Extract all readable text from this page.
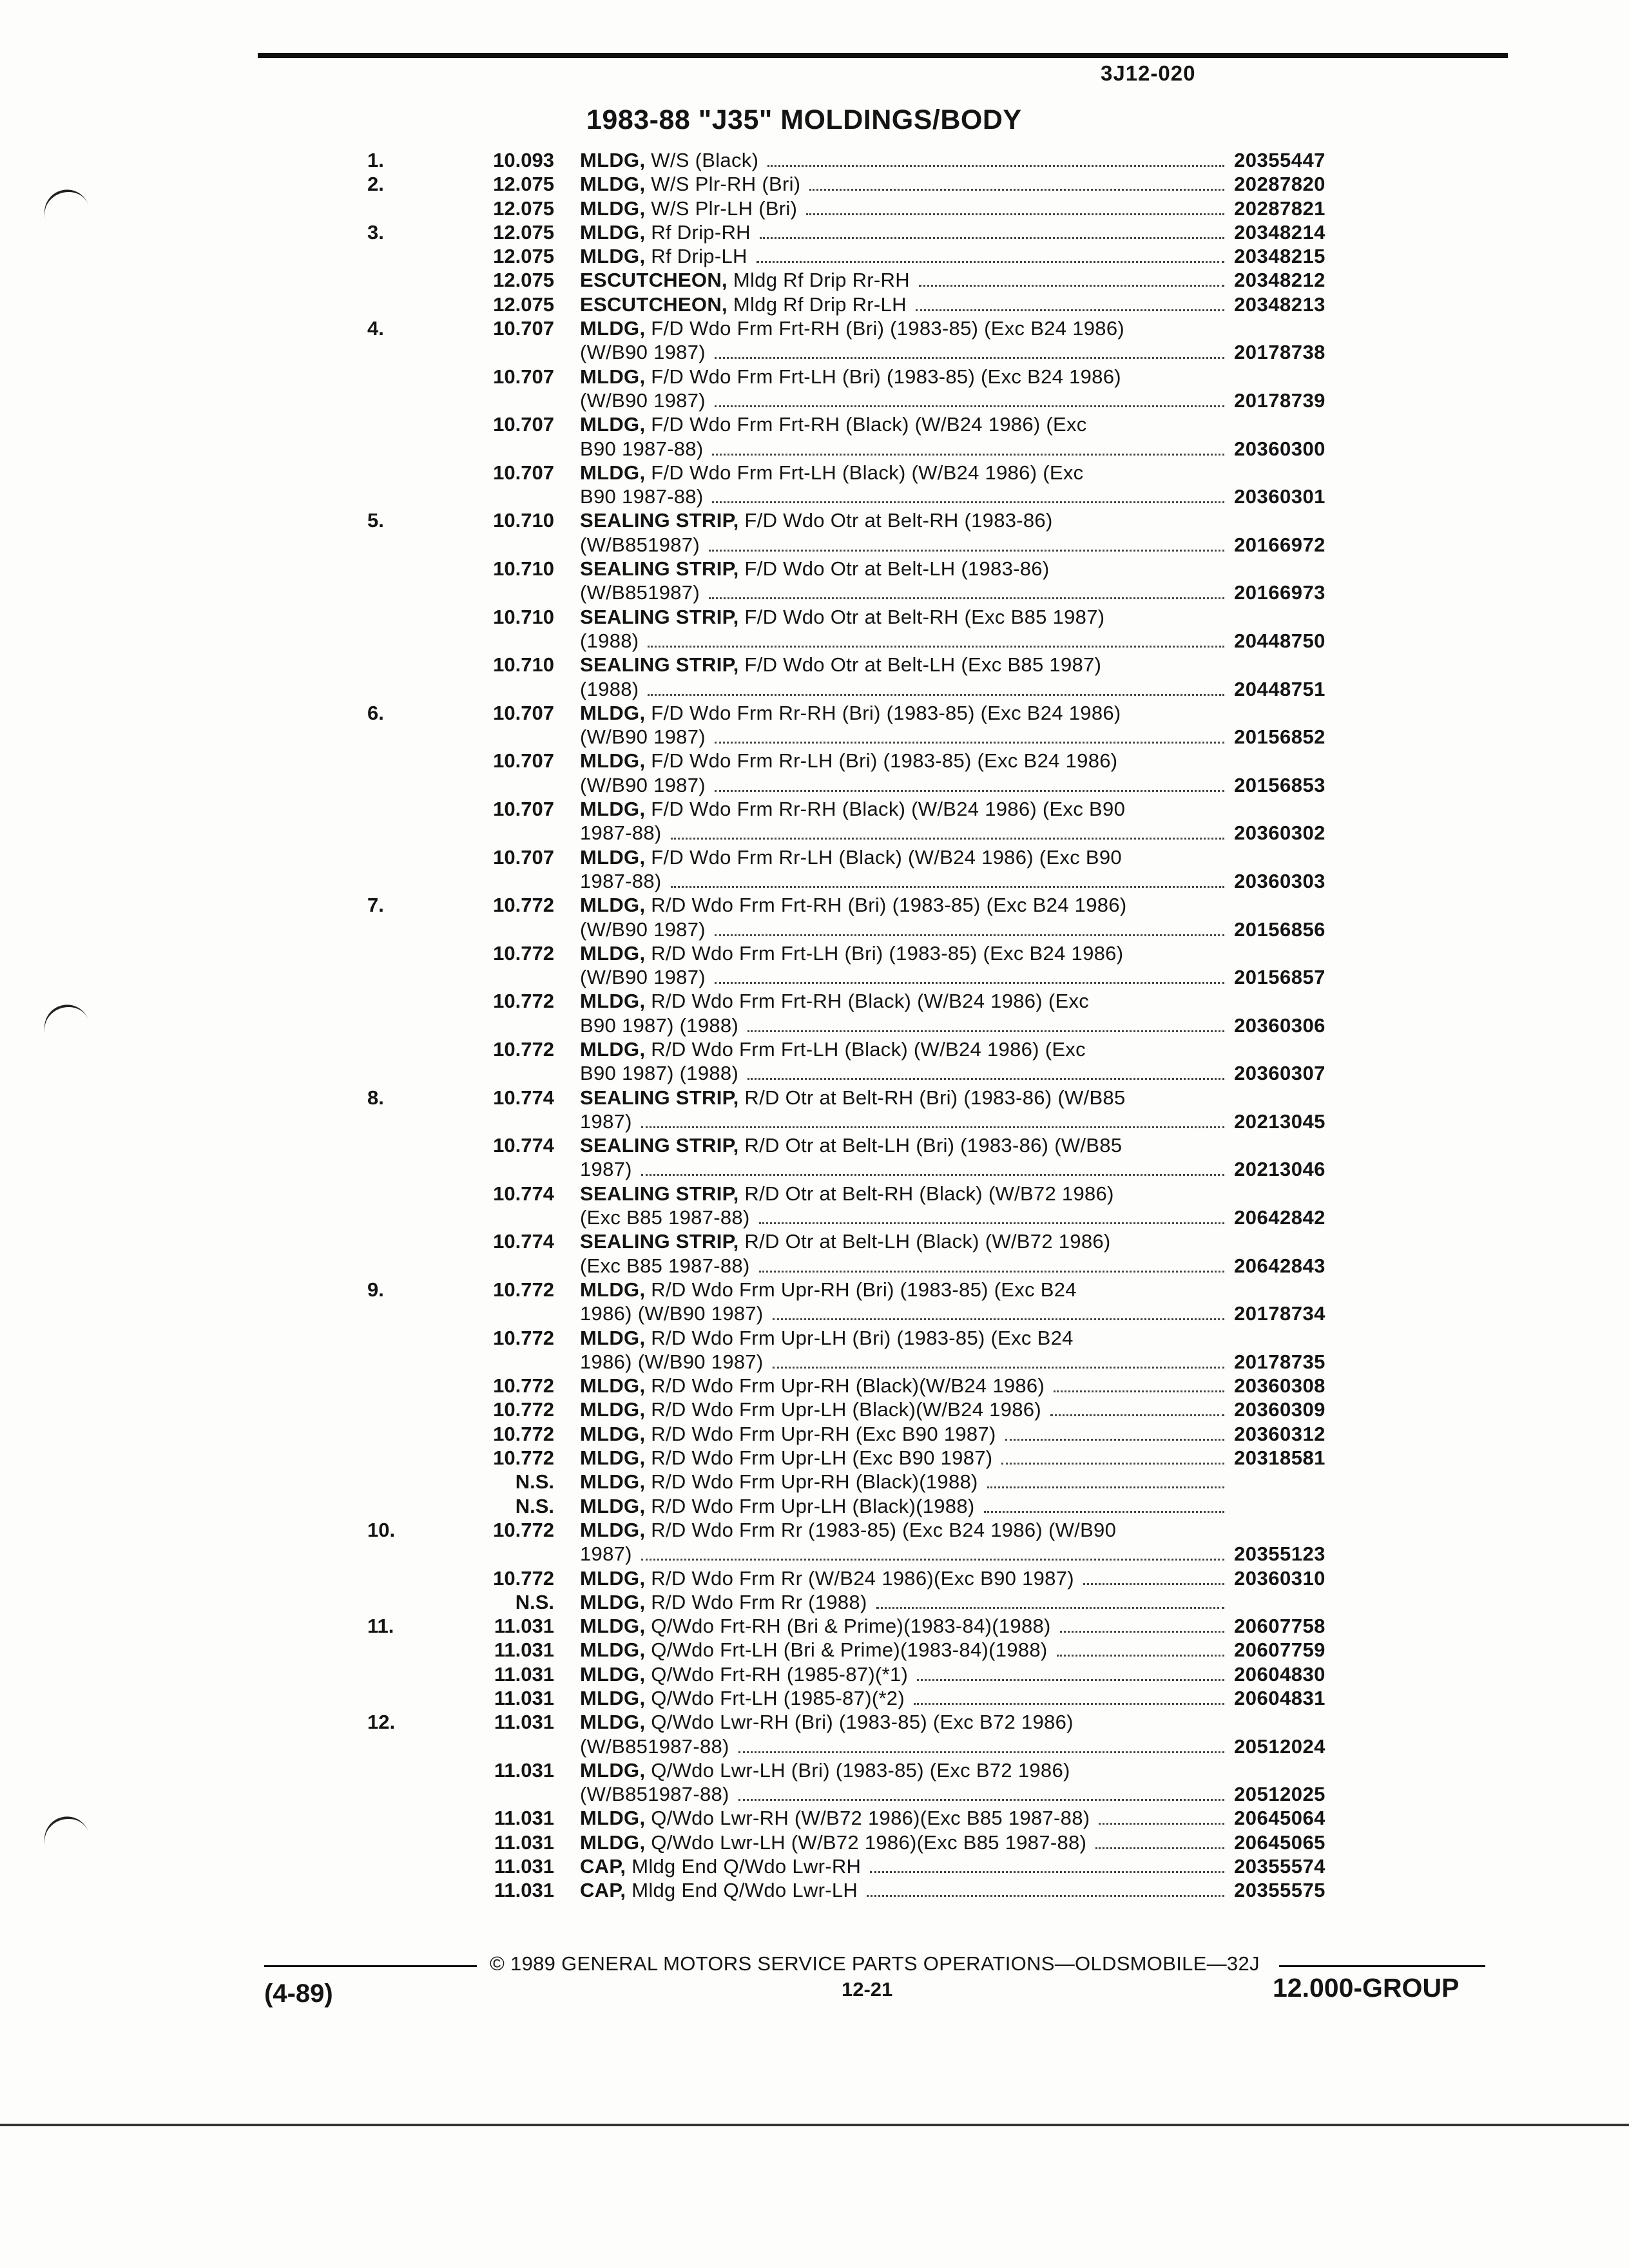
3J12-020
1983-88 "J35" MOLDINGS/BODY
1.	10.093 MLDG, W/S (Black)	20355447
2.	12.075 MLDG, W/S Plr-RH (Bri)	20287820
12.075 MLDG, W/S Plr-LH (Bri)	20287821
3.	12.075 MLDG, Rf Drip-RH	20348214
12.075 MLDG, Rf Drip-LH	20348215
12.075 ESCUTCHEON, Mldg Rf Drip Rr-RH	20348212
12.075 ESCUTCHEON, Mldg Rf Drip Rr-LH	20348213
4.	10.707 MLDG, F/D Wdo Frm Frt-RH (Bri) (1983-85) (Exc B24 1986)
(W/B90 1987)	20178738
10.707 MLDG, F/D Wdo Frm Frt-LH (Bri) (1983-85) (Exc B24 1986)
(W/B90 1987)	20178739
10.707 MLDG, F/D Wdo Frm Frt-RH (Black) (W/B24 1986) (Exc
B90 1987-88)	20360300
10.707 MLDG, F/D Wdo Frm Frt-LH (Black) (W/B24 1986) (Exc
B90 1987-88)	20360301
5.	10.710 SEALING STRIP, F/D Wdo Otr at Belt-RH (1983-86)
(W/B851987)	20166972
10.710 SEALING STRIP, F/D Wdo Otr at Belt-LH (1983-86)
(W/B851987)	20166973
10.710 SEALING STRIP, F/D Wdo Otr at Belt-RH (Exc B85 1987)
(1988)	20448750
10.710 SEALING STRIP, F/D Wdo Otr at Belt-LH (Exc B85 1987)
(1988)	20448751
6.	10.707 MLDG, F/D Wdo Frm Rr-RH (Bri) (1983-85) (Exc B24 1986)
(W/B90 1987)	20156852
10.707 MLDG, F/D Wdo Frm Rr-LH (Bri) (1983-85) (Exc B24 1986)
(W/B90 1987)	20156853
10.707 MLDG, F/D Wdo Frm Rr-RH (Black) (W/B24 1986) (Exc B90
1987-88)	20360302
10.707 MLDG, F/D Wdo Frm Rr-LH (Black) (W/B24 1986) (Exc B90
1987-88)	20360303
7.	10.772 MLDG, R/D Wdo Frm Frt-RH (Bri) (1983-85) (Exc B24 1986)
(W/B90 1987)	20156856
10.772 MLDG, R/D Wdo Frm Frt-LH (Bri) (1983-85) (Exc B24 1986)
(W/B90 1987)	20156857
10.772 MLDG, R/D Wdo Frm Frt-RH (Black) (W/B24 1986) (Exc
B90 1987) (1988)	20360306
10.772 MLDG, R/D Wdo Frm Frt-LH (Black) (W/B24 1986) (Exc
B90 1987) (1988)	20360307
8.	10.774 SEALING STRIP, R/D Otr at Belt-RH (Bri) (1983-86) (W/B85
1987)	20213045
10.774 SEALING STRIP, R/D Otr at Belt-LH (Bri) (1983-86) (W/B85
1987)	20213046
10.774 SEALING STRIP, R/D Otr at Belt-RH (Black) (W/B72 1986)
(Exc B85 1987-88)	20642842
10.774 SEALING STRIP, R/D Otr at Belt-LH (Black) (W/B72 1986)
(Exc B85 1987-88)	20642843
9.	10.772 MLDG, R/D Wdo Frm Upr-RH (Bri) (1983-85) (Exc B24
1986) (W/B90 1987)	20178734
10.772 MLDG, R/D Wdo Frm Upr-LH (Bri) (1983-85) (Exc B24
1986) (W/B90 1987)	20178735
10.772 MLDG, R/D Wdo Frm Upr-RH (Black)(W/B24 1986)	20360308
10.772 MLDG, R/D Wdo Frm Upr-LH (Black)(W/B24 1986)	20360309
10.772 MLDG, R/D Wdo Frm Upr-RH (Exc B90 1987)	20360312
10.772 MLDG, R/D Wdo Frm Upr-LH (Exc B90 1987)	20318581
N.S. MLDG, R/D Wdo Frm Upr-RH (Black)(1988)
N.S. MLDG, R/D Wdo Frm Upr-LH (Black)(1988)
10.	10.772 MLDG, R/D Wdo Frm Rr (1983-85) (Exc B24 1986) (W/B90
1987)	20355123
10.772 MLDG, R/D Wdo Frm Rr (W/B24 1986)(Exc B90 1987)	20360310
N.S. MLDG, R/D Wdo Frm Rr (1988)
11.	11.031 MLDG, Q/Wdo Frt-RH (Bri & Prime)(1983-84)(1988)	20607758
11.031 MLDG, Q/Wdo Frt-LH (Bri & Prime)(1983-84)(1988)	20607759
11.031 MLDG, Q/Wdo Frt-RH (1985-87)(*1)	20604830
11.031 MLDG, Q/Wdo Frt-LH (1985-87)(*2)	20604831
12.	11.031 MLDG, Q/Wdo Lwr-RH (Bri) (1983-85) (Exc B72 1986)
(W/B851987-88)	20512024
11.031 MLDG, Q/Wdo Lwr-LH (Bri) (1983-85) (Exc B72 1986)
(W/B851987-88)	20512025
11.031 MLDG, Q/Wdo Lwr-RH (W/B72 1986)(Exc B85 1987-88)	20645064
11.031 MLDG, Q/Wdo Lwr-LH (W/B72 1986)(Exc B85 1987-88)	20645065
11.031 CAP, Mldg End Q/Wdo Lwr-RH	20355574
11.031 CAP, Mldg End Q/Wdo Lwr-LH	20355575
© 1989 GENERAL MOTORS SERVICE PARTS OPERATIONS—OLDSMOBILE—32J
12-21
(4-89)	12.000-GROUP
